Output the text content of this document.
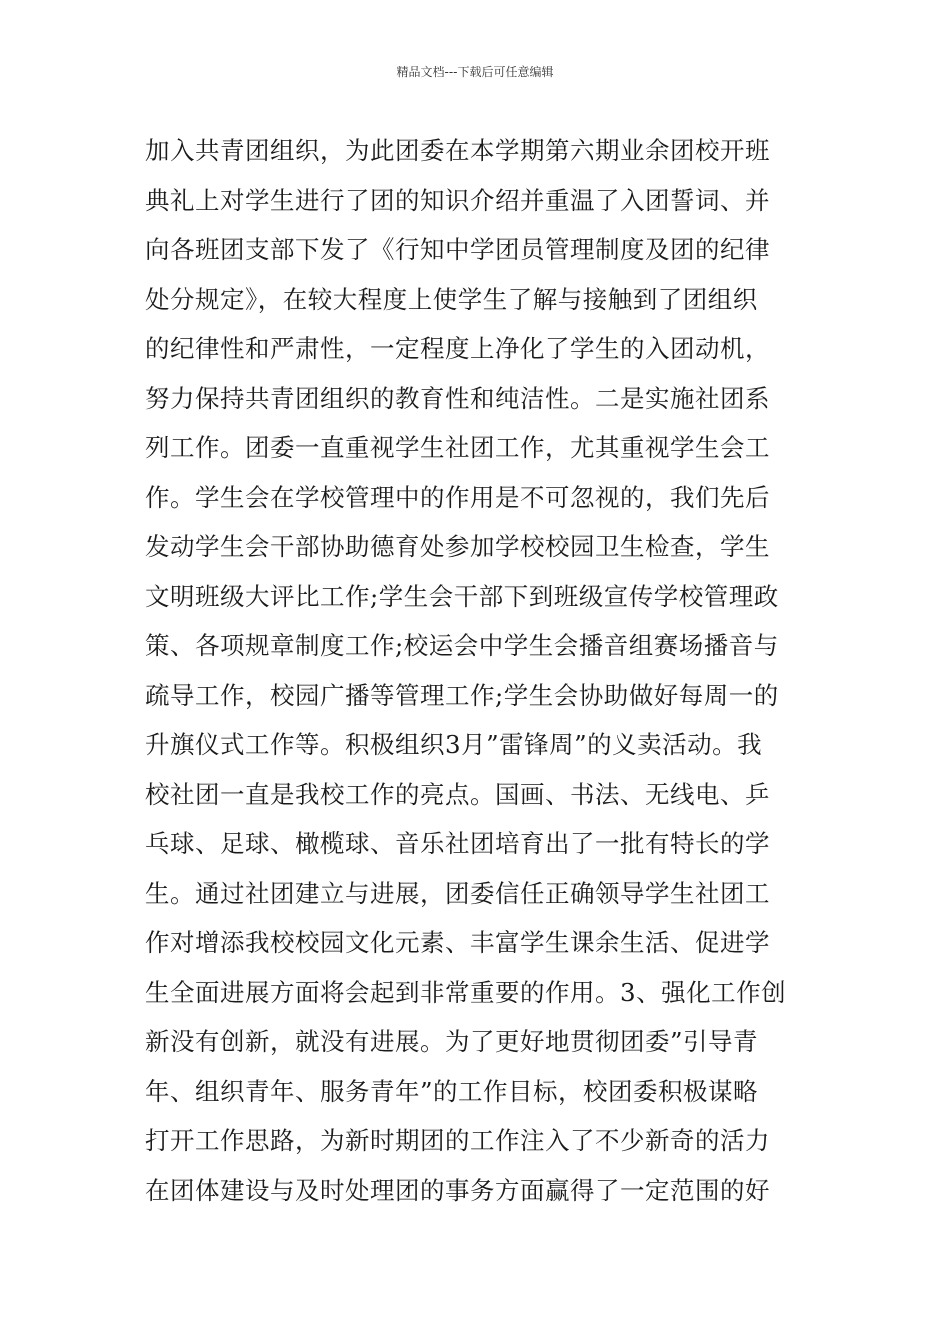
精品文档---下载后可任意编辑
加入共青团组织，为此团委在本学期第六期业余团校开班
典礼上对学生进行了团的知识介绍并重温了入团誓词、并
向各班团支部下发了《行知中学团员管理制度及团的纪律
处分规定》，在较大程度上使学生了解与接触到了团组织
的纪律性和严肃性，一定程度上净化了学生的入团动机，
努力保持共青团组织的教育性和纯洁性。二是实施社团系
列工作。团委一直重视学生社团工作，尤其重视学生会工
作。学生会在学校管理中的作用是不可忽视的，我们先后
发动学生会干部协助德育处参加学校校园卫生检查，学生
文明班级大评比工作;学生会干部下到班级宣传学校管理政
策、各项规章制度工作;校运会中学生会播音组赛场播音与
疏导工作，校园广播等管理工作;学生会协助做好每周一的
升旗仪式工作等。积极组织3月”雷锋周”的义卖活动。我
校社团一直是我校工作的亮点。国画、书法、无线电、乒
乓球、足球、橄榄球、音乐社团培育出了一批有特长的学
生。通过社团建立与进展，团委信任正确领导学生社团工
作对增添我校校园文化元素、丰富学生课余生活、促进学
生全面进展方面将会起到非常重要的作用。3、强化工作创
新没有创新，就没有进展。为了更好地贯彻团委”引导青
年、组织青年、服务青年”的工作目标，校团委积极谋略
打开工作思路，为新时期团的工作注入了不少新奇的活力
在团体建设与及时处理团的事务方面赢得了一定范围的好
